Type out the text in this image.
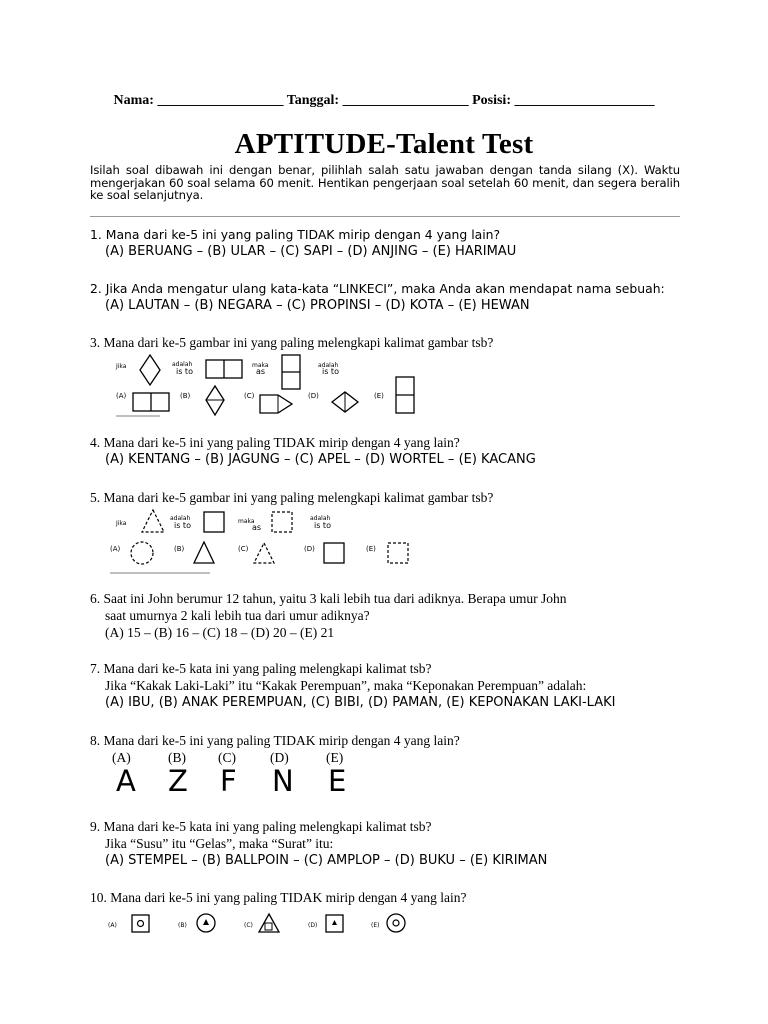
Nama: __________________ Tanggal: __________________ Posisi: ____________________
APTITUDE-Talent Test
Isilah soal dibawah ini dengan benar, pilihlah salah satu jawaban dengan tanda silang (X). Waktu mengerjakan 60 soal selama 60 menit. Hentikan pengerjaan soal setelah 60 menit, dan segera beralih ke soal selanjutnya.
1. Mana dari ke-5 ini yang paling TIDAK mirip dengan 4 yang lain?
(A) BERUANG – (B) ULAR – (C) SAPI – (D) ANJING – (E) HARIMAU
2. Jika Anda mengatur ulang kata-kata “LINKECI”, maka Anda akan mendapat nama sebuah:
(A) LAUTAN – (B) NEGARA – (C) PROPINSI – (D) KOTA – (E) HEWAN
3. Mana dari ke-5 gambar ini yang paling melengkapi kalimat gambar tsb?
Jika	adalah
is to
maka
as
adalah
is to
(A)	(B)	(C)	(D)	(E)
4. Mana dari ke-5 ini yang paling TIDAK mirip dengan 4 yang lain?
(A) KENTANG – (B) JAGUNG – (C) APEL – (D) WORTEL – (E) KACANG
5. Mana dari ke-5 gambar ini yang paling melengkapi kalimat gambar tsb?
Jika
adalah
is to	maka
as
adalah
is to
(A)	(B)	(C)	(D)	(E)
6. Saat ini John berumur 12 tahun, yaitu 3 kali lebih tua dari adiknya. Berapa umur John
saat umurnya 2 kali lebih tua dari umur adiknya?
(A) 15 – (B) 16 – (C) 18 – (D) 20 – (E) 21
7. Mana dari ke-5 kata ini yang paling melengkapi kalimat tsb?
Jika “Kakak Laki-Laki” itu “Kakak Perempuan”, maka “Keponakan Perempuan” adalah:
(A) IBU, (B) ANAK PEREMPUAN, (C) BIBI, (D) PAMAN, (E) KEPONAKAN LAKI-LAKI
8. Mana dari ke-5 ini yang paling TIDAK mirip dengan 4 yang lain?
(A)	(B) (C)	(D)	(E)
A Z F N E
9. Mana dari ke-5 kata ini yang paling melengkapi kalimat tsb?
Jika “Susu” itu “Gelas”, maka “Surat” itu:
(A) STEMPEL – (B) BALLPOIN – (C) AMPLOP – (D) BUKU – (E) KIRIMAN
10. Mana dari ke-5 ini yang paling TIDAK mirip dengan 4 yang lain?
(A)	(B)	(C)	(D)	(E)
